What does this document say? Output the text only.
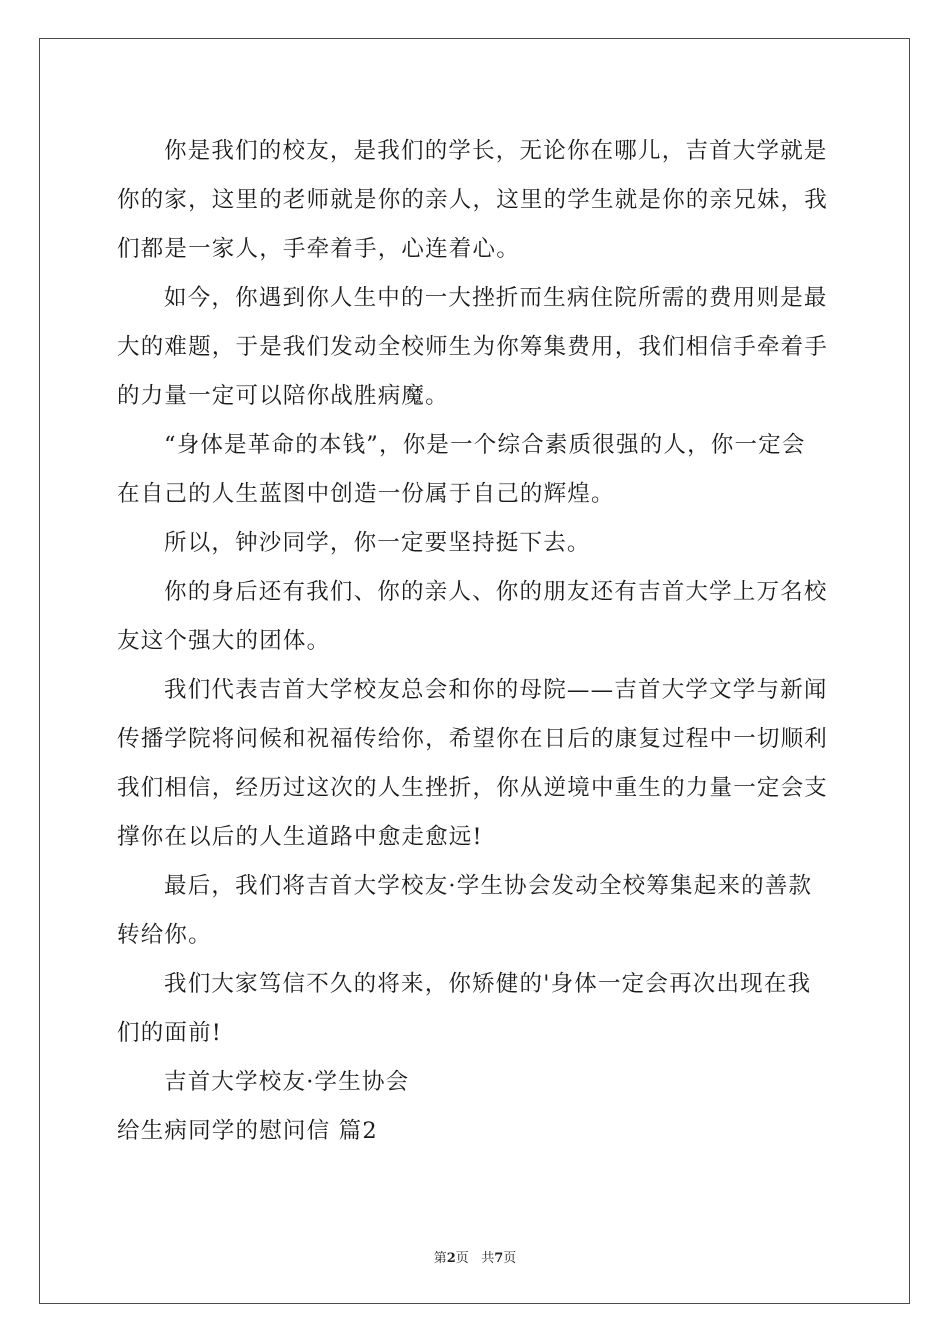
你是我们的校友，是我们的学长，无论你在哪儿，吉首大学就是
你的家，这里的老师就是你的亲人，这里的学生就是你的亲兄妹，我
们都是一家人，手牵着手，心连着心。
如今，你遇到你人生中的一大挫折而生病住院所需的费用则是最
大的难题，于是我们发动全校师生为你筹集费用，我们相信手牵着手
的力量一定可以陪你战胜病魔。
“身体是革命的本钱”，你是一个综合素质很强的人，你一定会
在自己的人生蓝图中创造一份属于自己的辉煌。
所以，钟沙同学，你一定要坚持挺下去。
你的身后还有我们、你的亲人、你的朋友还有吉首大学上万名校
友这个强大的团体。
我们代表吉首大学校友总会和你的母院——吉首大学文学与新闻
传播学院将问候和祝福传给你，希望你在日后的康复过程中一切顺利
我们相信，经历过这次的人生挫折，你从逆境中重生的力量一定会支
撑你在以后的人生道路中愈走愈远!
最后，我们将吉首大学校友·学生协会发动全校筹集起来的善款
转给你。
我们大家笃信不久的将来，你矫健的'身体一定会再次出现在我
们的面前!
吉首大学校友·学生协会
给生病同学的慰问信 篇2
第2页 共7页
